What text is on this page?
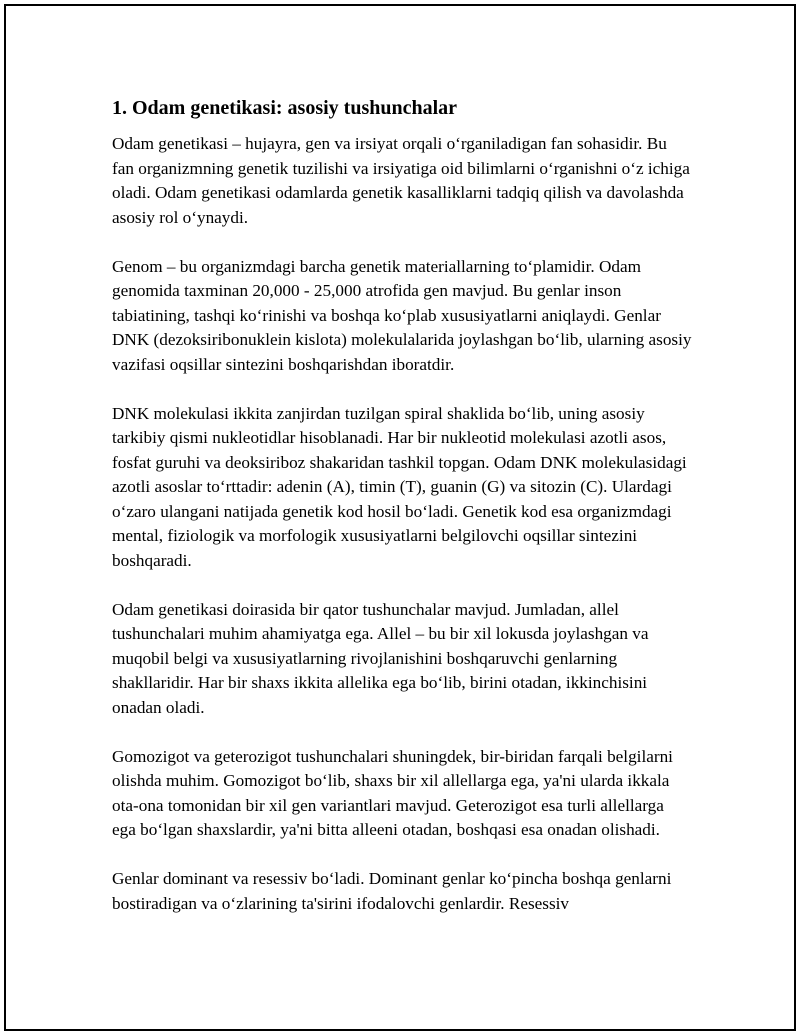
1. Odam genetikasi: asosiy tushunchalar

Odam genetikasi – hujayra, gen va irsiyat orqali o‘rganiladigan fan sohasidir. Bu fan organizmning genetik tuzilishi va irsiyatiga oid bilimlarni o‘rganishni o‘z ichiga oladi. Odam genetikasi odamlarda genetik kasalliklarni tadqiq qilish va davolashda asosiy rol o‘ynaydi.

Genom – bu organizmdagi barcha genetik materiallarning to‘plamidir. Odam genomida taxminan 20,000 - 25,000 atrofida gen mavjud. Bu genlar inson tabiatining, tashqi ko‘rinishi va boshqa ko‘plab xususiyatlarni aniqlaydi. Genlar DNK (dezoksiribonuklein kislota) molekulalarida joylashgan bo‘lib, ularning asosiy vazifasi oqsillar sintezini boshqarishdan iboratdir.

DNK molekulasi ikkita zanjirdan tuzilgan spiral shaklida bo‘lib, uning asosiy tarkibiy qismi nukleotidlar hisoblanadi. Har bir nukleotid molekulasi azotli asos, fosfat guruhi va deoksiriboz shakaridan tashkil topgan. Odam DNK molekulasidagi azotli asoslar to‘rttadir: adenin (A), timin (T), guanin (G) va sitozin (C). Ulardagi o‘zaro ulangani natijada genetik kod hosil bo‘ladi. Genetik kod esa organizmdagi mental, fiziologik va morfologik xususiyatlarni belgilovchi oqsillar sintezini boshqaradi.

Odam genetikasi doirasida bir qator tushunchalar mavjud. Jumladan, allel tushunchalari muhim ahamiyatga ega. Allel – bu bir xil lokusda joylashgan va muqobil belgi va xususiyatlarning rivojlanishini boshqaruvchi genlarning shakllaridir. Har bir shaxs ikkita allelika ega bo‘lib, birini otadan, ikkinchisini onadan oladi.

Gomozigot va geterozigot tushunchalari shuningdek, bir-biridan farqali belgilarni olishda muhim. Gomozigot bo‘lib, shaxs bir xil allellarga ega, ya'ni ularda ikkala ota-ona tomonidan bir xil gen variantlari mavjud. Geterozigot esa turli allellarga ega bo‘lgan shaxslardir, ya'ni bitta alleeni otadan, boshqasi esa onadan olishadi.

Genlar dominant va resessiv bo‘ladi. Dominant genlar ko‘pincha boshqa genlarni bostiradigan va o‘zlarining ta'sirini ifodalovchi genlardir. Resessiv
